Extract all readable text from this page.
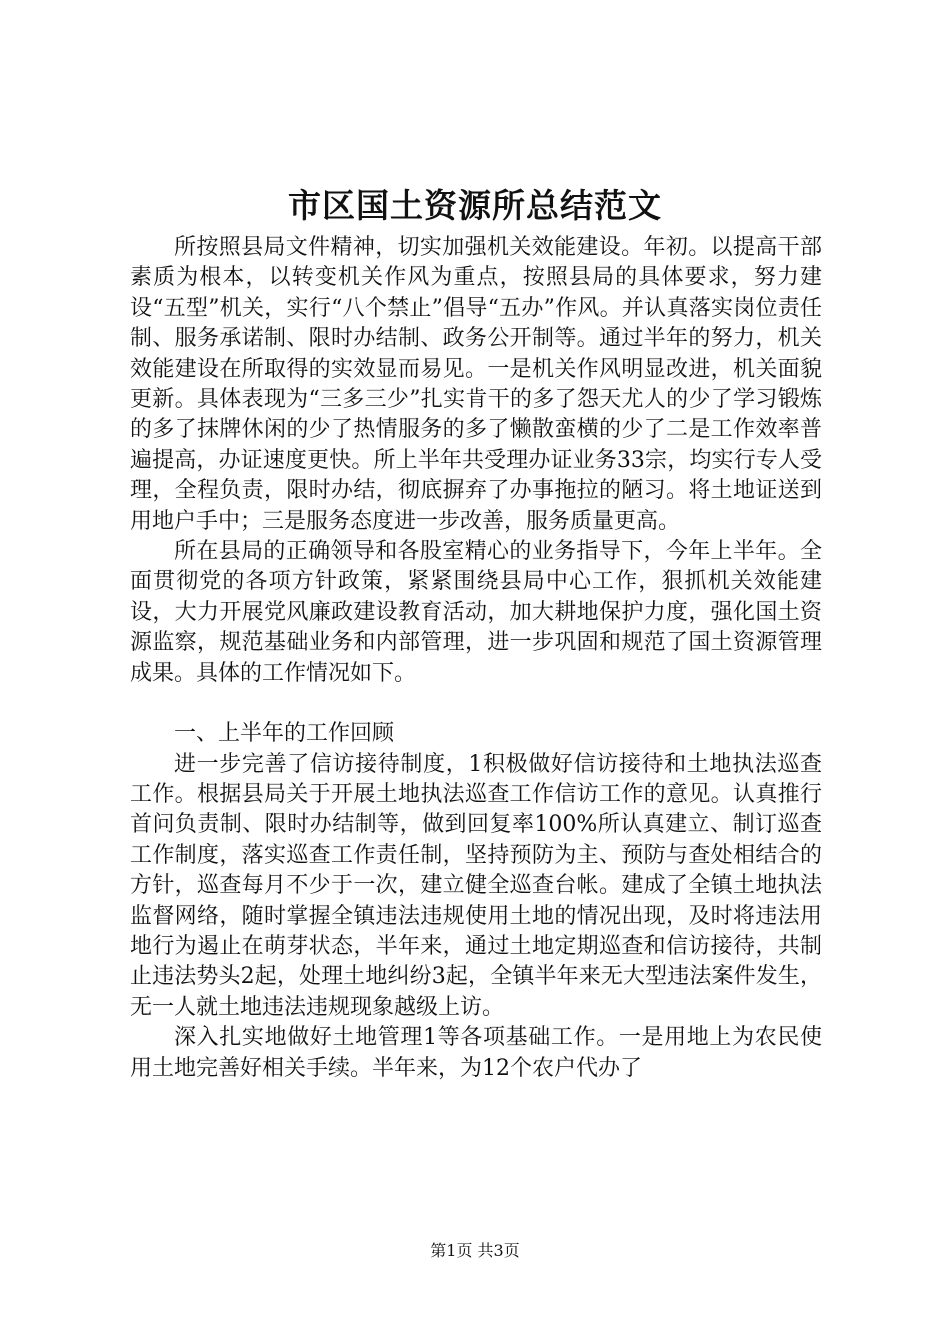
市区国土资源所总结范文

所按照县局文件精神，切实加强机关效能建设。年初。以提高干部素质为根本，以转变机关作风为重点，按照县局的具体要求，努力建设“五型”机关，实行“八个禁止”倡导“五办”作风。并认真落实岗位责任制、服务承诺制、限时办结制、政务公开制等。通过半年的努力，机关效能建设在所取得的实效显而易见。一是机关作风明显改进，机关面貌更新。具体表现为“三多三少”扎实肯干的多了怨天尤人的少了学习锻炼的多了抹牌休闲的少了热情服务的多了懒散蛮横的少了二是工作效率普遍提高，办证速度更快。所上半年共受理办证业务33宗，均实行专人受理，全程负责，限时办结，彻底摒弃了办事拖拉的陋习。将土地证送到用地户手中；三是服务态度进一步改善，服务质量更高。

所在县局的正确领导和各股室精心的业务指导下，今年上半年。全面贯彻党的各项方针政策，紧紧围绕县局中心工作，狠抓机关效能建设，大力开展党风廉政建设教育活动，加大耕地保护力度，强化国土资源监察，规范基础业务和内部管理，进一步巩固和规范了国土资源管理成果。具体的工作情况如下。

一、上半年的工作回顾

进一步完善了信访接待制度，1积极做好信访接待和土地执法巡查工作。根据县局关于开展土地执法巡查工作信访工作的意见。认真推行首问负责制、限时办结制等，做到回复率100%所认真建立、制订巡查工作制度，落实巡查工作责任制，坚持预防为主、预防与查处相结合的方针，巡查每月不少于一次，建立健全巡查台帐。建成了全镇土地执法监督网络，随时掌握全镇违法违规使用土地的情况出现，及时将违法用地行为遏止在萌芽状态，半年来，通过土地定期巡查和信访接待，共制止违法势头2起，处理土地纠纷3起，全镇半年来无大型违法案件发生，无一人就土地违法违规现象越级上访。

深入扎实地做好土地管理1等各项基础工作。一是用地上为农民使用土地完善好相关手续。半年来，为12个农户代办了

第1页 共3页
